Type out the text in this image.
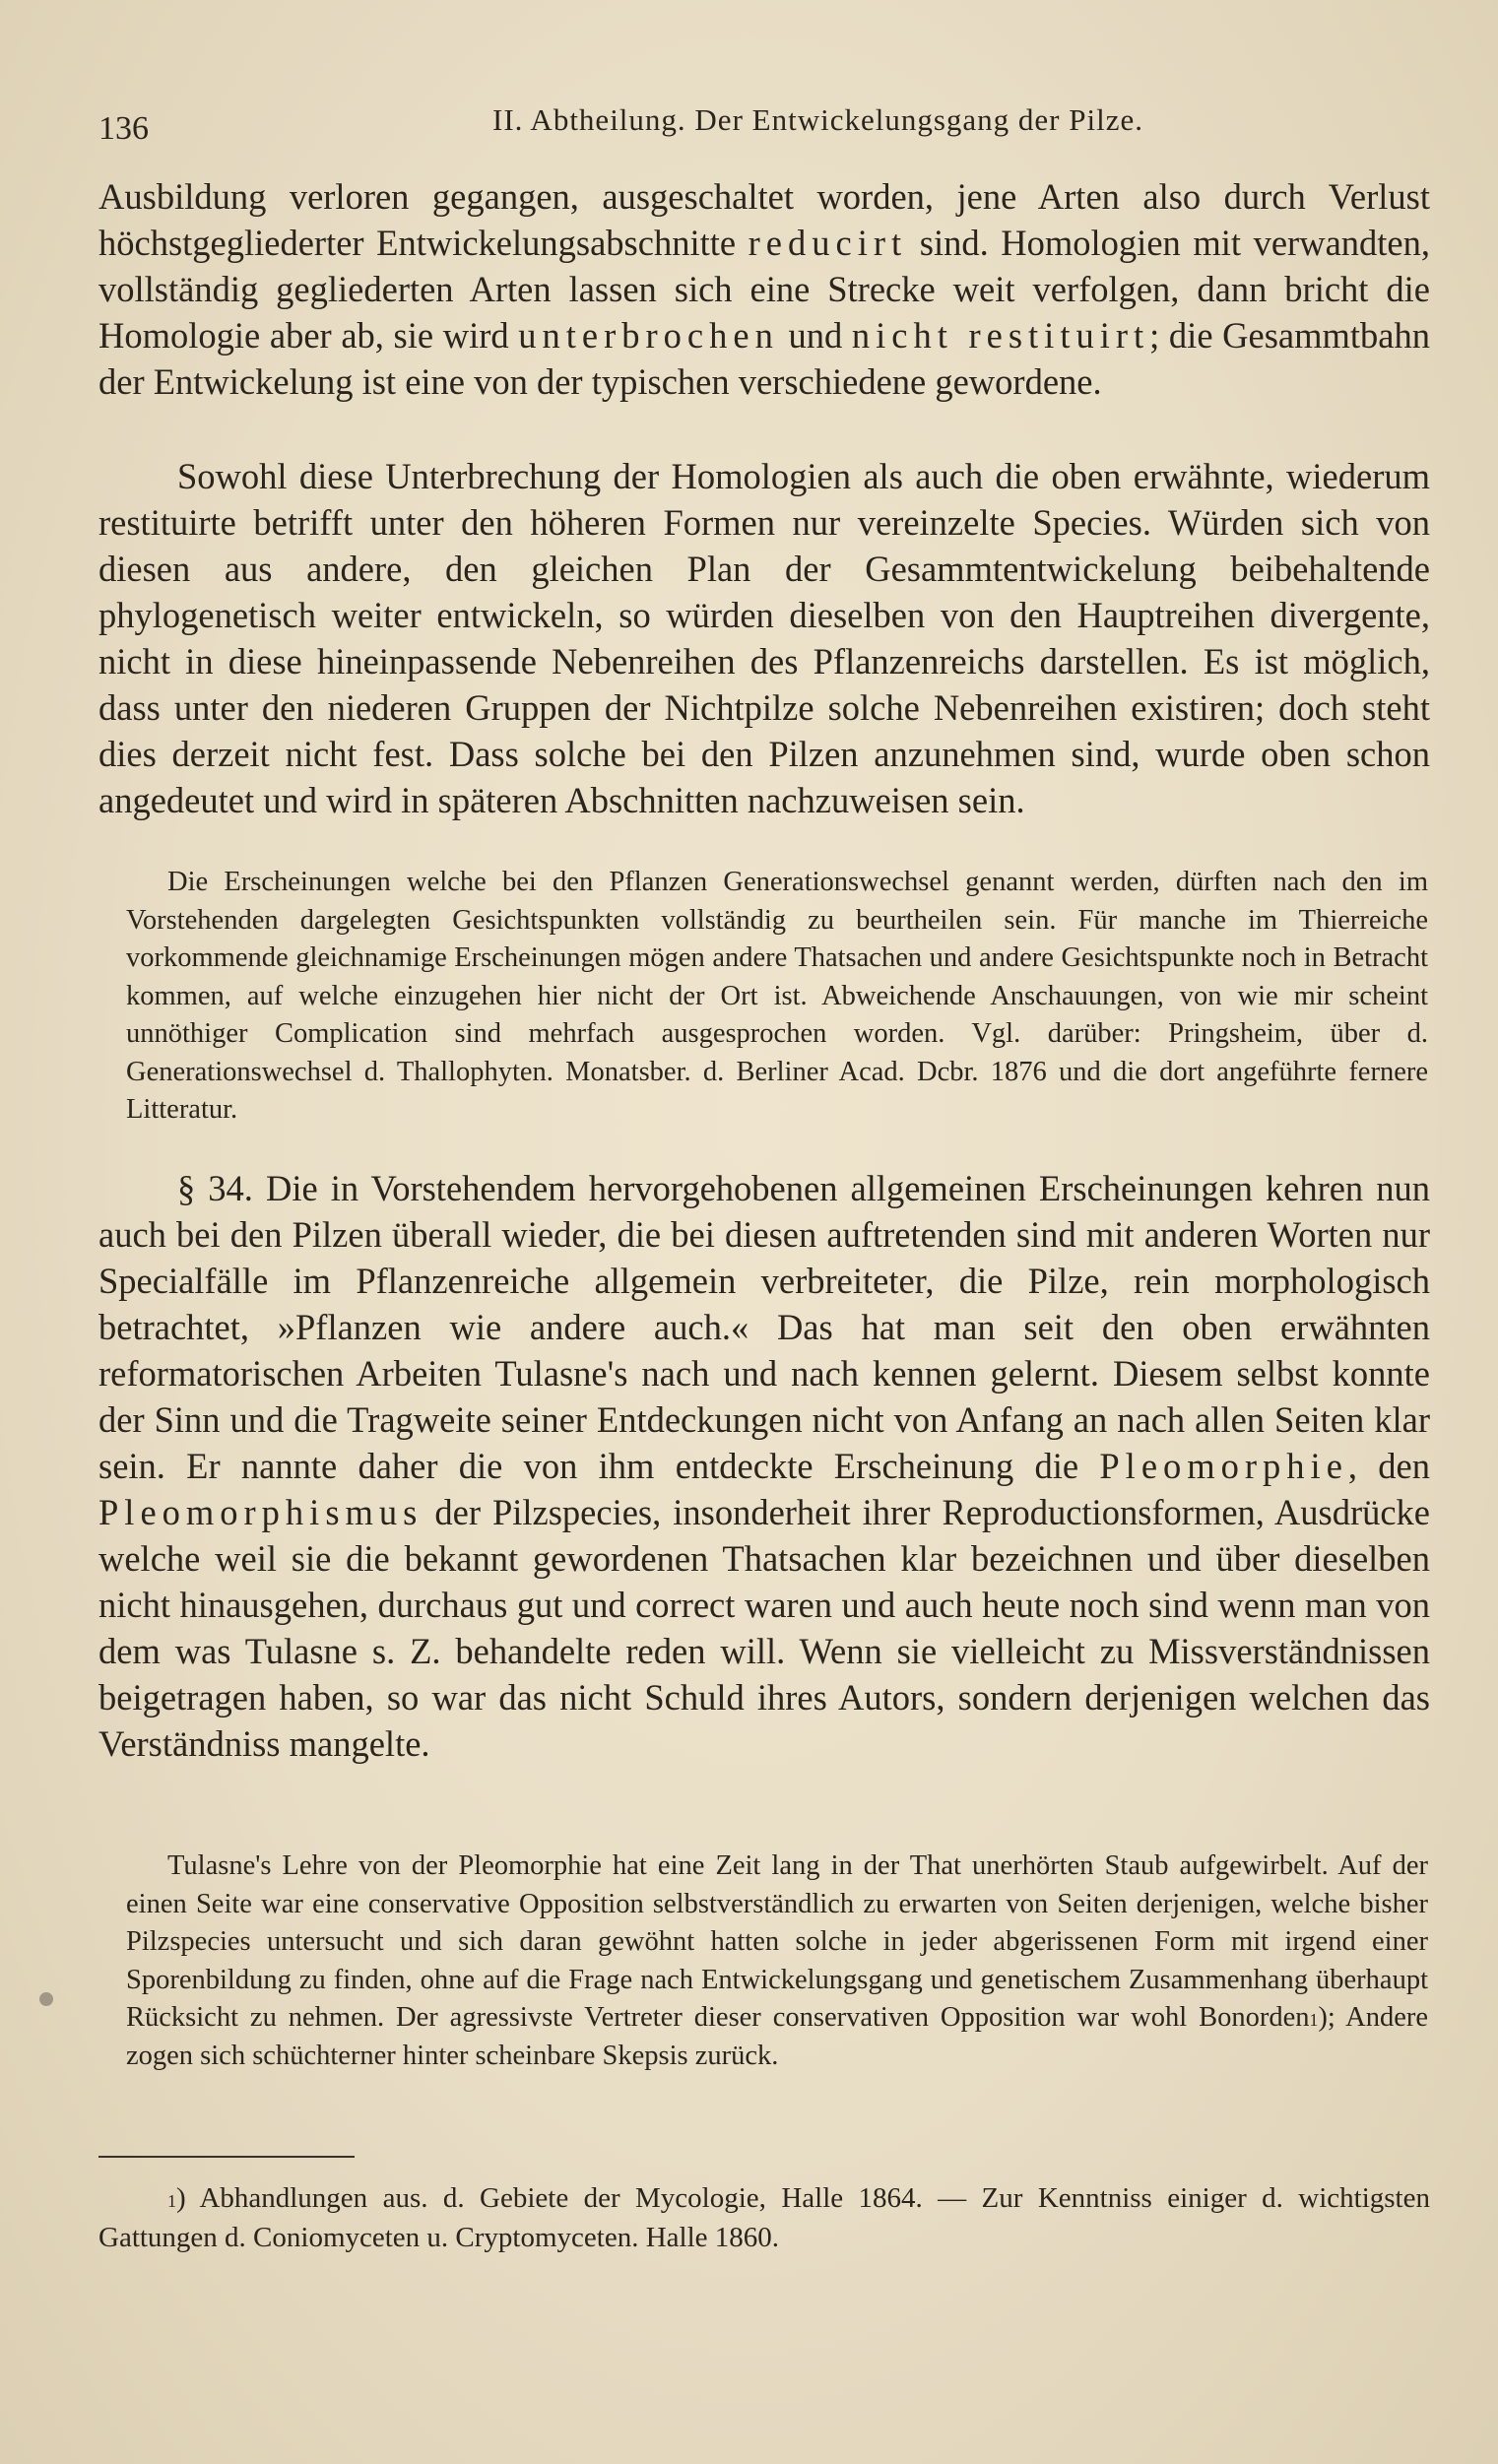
136	II. Abtheilung. Der Entwickelungsgang der Pilze.

Ausbildung verloren gegangen, ausgeschaltet worden, jene Arten also durch Verlust höchstgegliederter Entwickelungsabschnitte reducirt sind. Homologien mit verwandten, vollständig gegliederten Arten lassen sich eine Strecke weit verfolgen, dann bricht die Homologie aber ab, sie wird unterbrochen und nicht restituirt; die Gesammtbahn der Entwickelung ist eine von der typischen verschiedene gewordene.

Sowohl diese Unterbrechung der Homologien als auch die oben erwähnte, wiederum restituirte betrifft unter den höheren Formen nur vereinzelte Species. Würden sich von diesen aus andere, den gleichen Plan der Gesammtentwickelung beibehaltende phylogenetisch weiter entwickeln, so würden dieselben von den Hauptreihen divergente, nicht in diese hineinpassende Nebenreihen des Pflanzenreichs darstellen. Es ist möglich, dass unter den niederen Gruppen der Nichtpilze solche Nebenreihen existiren; doch steht dies derzeit nicht fest. Dass solche bei den Pilzen anzunehmen sind, wurde oben schon angedeutet und wird in späteren Abschnitten nachzuweisen sein.

Die Erscheinungen welche bei den Pflanzen Generationswechsel genannt werden, dürften nach den im Vorstehenden dargelegten Gesichtspunkten vollständig zu beurtheilen sein. Für manche im Thierreiche vorkommende gleichnamige Erscheinungen mögen andere Thatsachen und andere Gesichtspunkte noch in Betracht kommen, auf welche einzugehen hier nicht der Ort ist. Abweichende Anschauungen, von wie mir scheint unnöthiger Complication sind mehrfach ausgesprochen worden. Vgl. darüber: Pringsheim, über d. Generationswechsel d. Thallophyten. Monatsber. d. Berliner Acad. Dcbr. 1876 und die dort angeführte fernere Litteratur.

§ 34. Die in Vorstehendem hervorgehobenen allgemeinen Erscheinungen kehren nun auch bei den Pilzen überall wieder, die bei diesen auftretenden sind mit anderen Worten nur Specialfälle im Pflanzenreiche allgemein verbreiteter, die Pilze, rein morphologisch betrachtet, »Pflanzen wie andere auch.« Das hat man seit den oben erwähnten reformatorischen Arbeiten Tulasne's nach und nach kennen gelernt. Diesem selbst konnte der Sinn und die Tragweite seiner Entdeckungen nicht von Anfang an nach allen Seiten klar sein. Er nannte daher die von ihm entdeckte Erscheinung die Pleomorphie, den Pleomorphismus der Pilzspecies, insonderheit ihrer Reproductionsformen, Ausdrücke welche weil sie die bekannt gewordenen Thatsachen klar bezeichnen und über dieselben nicht hinausgehen, durchaus gut und correct waren und auch heute noch sind wenn man von dem was Tulasne s. Z. behandelte reden will. Wenn sie vielleicht zu Missverständnissen beigetragen haben, so war das nicht Schuld ihres Autors, sondern derjenigen welchen das Verständniss mangelte.

Tulasne's Lehre von der Pleomorphie hat eine Zeit lang in der That unerhörten Staub aufgewirbelt. Auf der einen Seite war eine conservative Opposition selbstverständlich zu erwarten von Seiten derjenigen, welche bisher Pilzspecies untersucht und sich daran gewöhnt hatten solche in jeder abgerissenen Form mit irgend einer Sporenbildung zu finden, ohne auf die Frage nach Entwickelungsgang und genetischem Zusammenhang überhaupt Rücksicht zu nehmen. Der agressivste Vertreter dieser conservativen Opposition war wohl Bonorden$^1$); Andere zogen sich schüchterner hinter scheinbare Skepsis zurück.

$^1$) Abhandlungen aus. d. Gebiete der Mycologie, Halle 1864. — Zur Kenntniss einiger d. wichtigsten Gattungen d. Coniomyceten u. Cryptomyceten. Halle 1860.
